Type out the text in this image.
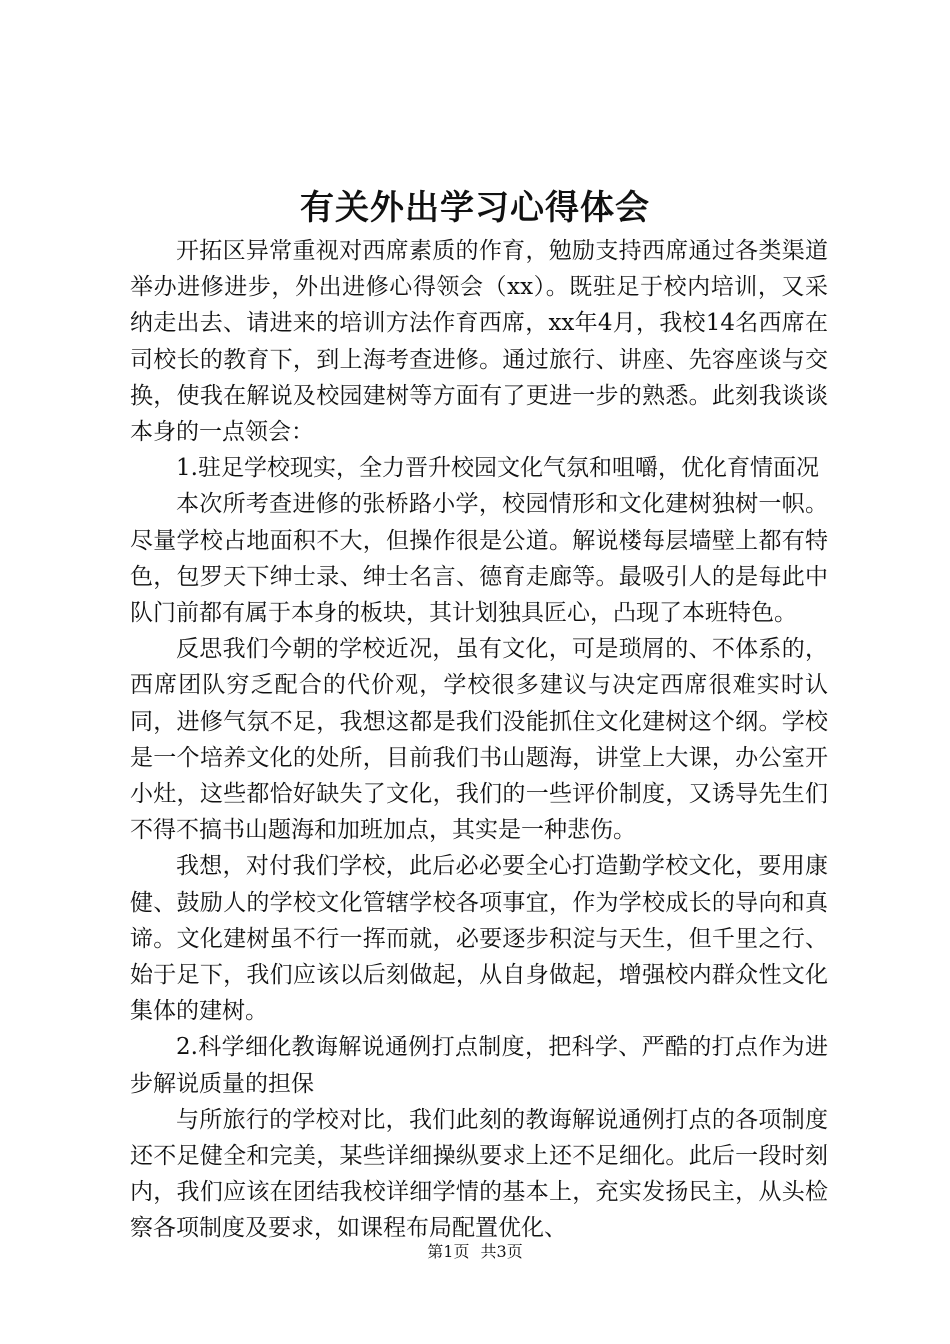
有关外出学习心得体会

开拓区异常重视对西席素质的作育，勉励支持西席通过各类渠道举办进修进步，外出进修心得领会（xx）。既驻足于校内培训，又采纳走出去、请进来的培训方法作育西席，xx年4月，我校14名西席在司校长的教育下，到上海考查进修。通过旅行、讲座、先容座谈与交换，使我在解说及校园建树等方面有了更进一步的熟悉。此刻我谈谈本身的一点领会：

1.驻足学校现实，全力晋升校园文化气氛和咀嚼，优化育情面况

本次所考查进修的张桥路小学，校园情形和文化建树独树一帜。尽量学校占地面积不大，但操作很是公道。解说楼每层墙壁上都有特色，包罗天下绅士录、绅士名言、德育走廊等。最吸引人的是每此中队门前都有属于本身的板块，其计划独具匠心，凸现了本班特色。

反思我们今朝的学校近况，虽有文化，可是琐屑的、不体系的，西席团队穷乏配合的代价观，学校很多建议与决定西席很难实时认同，进修气氛不足，我想这都是我们没能抓住文化建树这个纲。学校是一个培养文化的处所，目前我们书山题海，讲堂上大课，办公室开小灶，这些都恰好缺失了文化，我们的一些评价制度，又诱导先生们不得不搞书山题海和加班加点，其实是一种悲伤。

我想，对付我们学校，此后必必要全心打造勤学校文化，要用康健、鼓励人的学校文化管辖学校各项事宜，作为学校成长的导向和真谛。文化建树虽不行一挥而就，必要逐步积淀与天生，但千里之行、始于足下，我们应该以后刻做起，从自身做起，增强校内群众性文化集体的建树。

2.科学细化教诲解说通例打点制度，把科学、严酷的打点作为进步解说质量的担保

与所旅行的学校对比，我们此刻的教诲解说通例打点的各项制度还不足健全和完美，某些详细操纵要求上还不足细化。此后一段时刻内，我们应该在团结我校详细学情的基本上，充实发扬民主，从头检察各项制度及要求，如课程布局配置优化、

第1页 共3页
